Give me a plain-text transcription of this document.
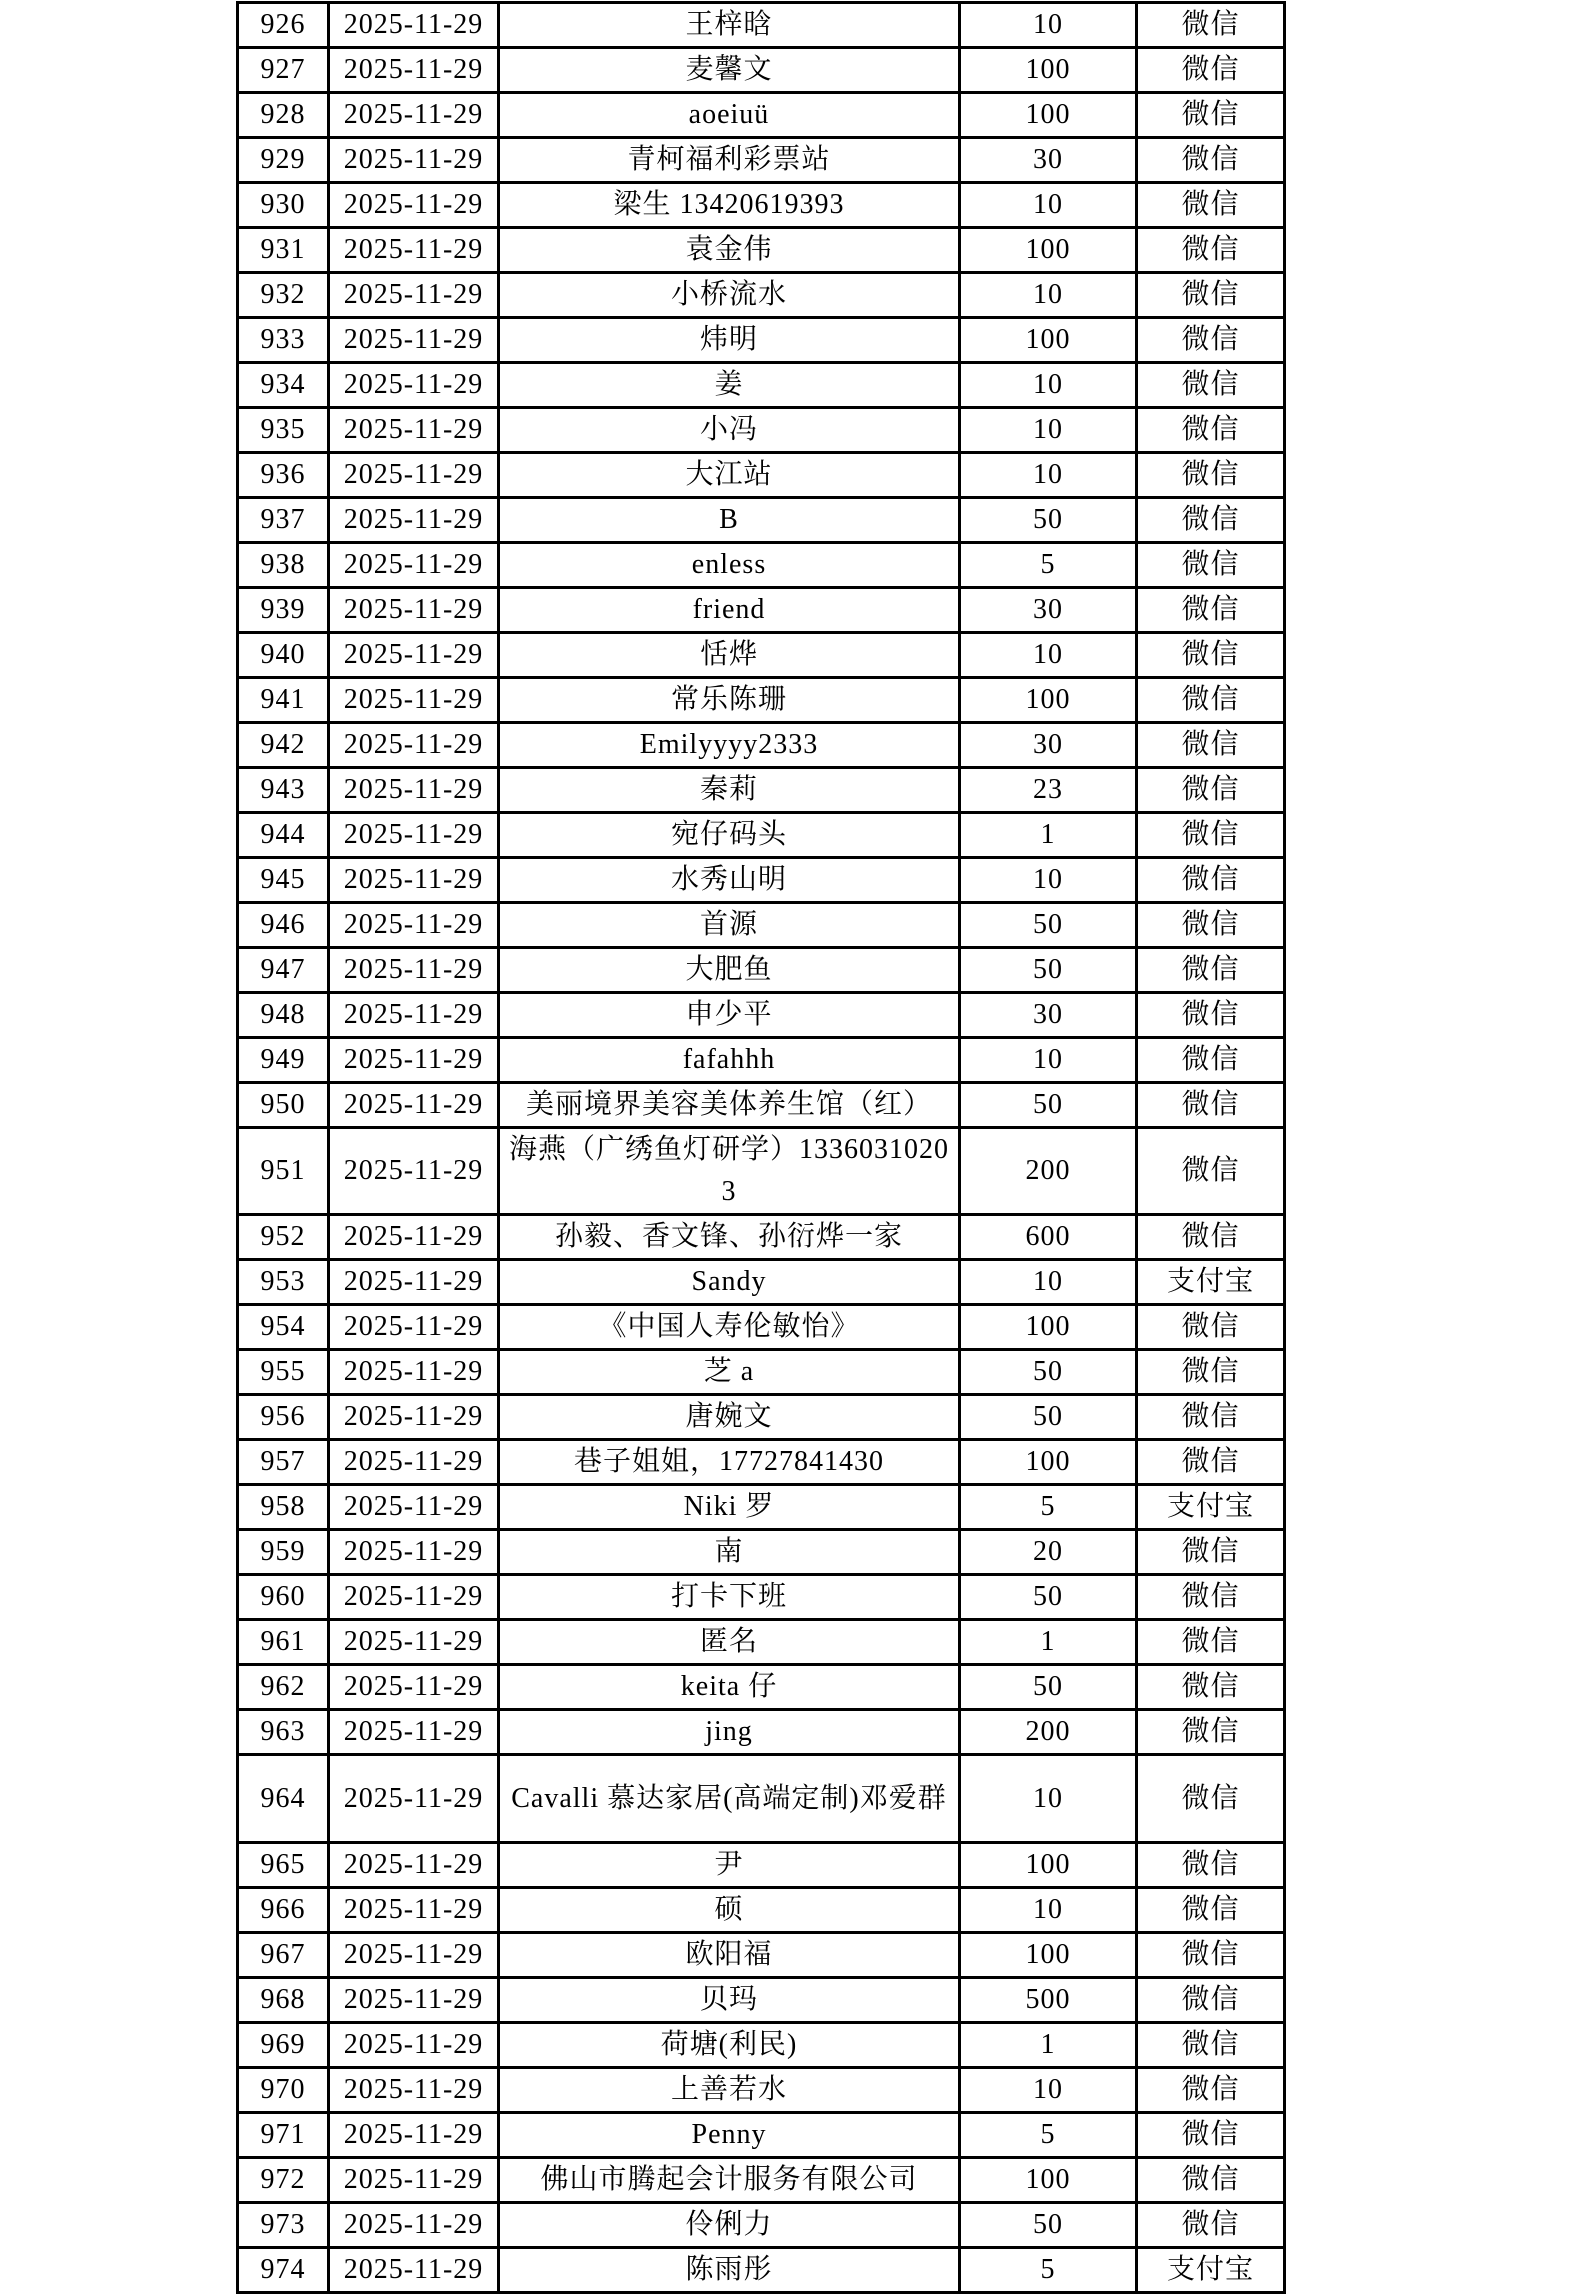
926	2025-11-29	王梓晗	10	微信
927	2025-11-29	麦馨文	100	微信
928	2025-11-29	aoeiuü	100	微信
929	2025-11-29	青柯福利彩票站	30	微信
930	2025-11-29	梁生 13420619393	10	微信
931	2025-11-29	袁金伟	100	微信
932	2025-11-29	小桥流水	10	微信
933	2025-11-29	炜明	100	微信
934	2025-11-29	姜	10	微信
935	2025-11-29	小冯	10	微信
936	2025-11-29	大江站	10	微信
937	2025-11-29	B	50	微信
938	2025-11-29	enless	5	微信
939	2025-11-29	friend	30	微信
940	2025-11-29	恬烨	10	微信
941	2025-11-29	常乐陈珊	100	微信
942	2025-11-29	Emilyyyy2333	30	微信
943	2025-11-29	秦莉	23	微信
944	2025-11-29	宛仔码头	1	微信
945	2025-11-29	水秀山明	10	微信
946	2025-11-29	首源	50	微信
947	2025-11-29	大肥鱼	50	微信
948	2025-11-29	申少平	30	微信
949	2025-11-29	fafahhh	10	微信
950	2025-11-29	美丽境界美容美体养生馆（红）	50	微信
951	2025-11-29	海燕（广绣鱼灯研学）13360310203	200	微信
952	2025-11-29	孙毅、香文锋、孙衍烨一家	600	微信
953	2025-11-29	Sandy	10	支付宝
954	2025-11-29	《中国人寿伦敏怡》	100	微信
955	2025-11-29	芝 a	50	微信
956	2025-11-29	唐婉文	50	微信
957	2025-11-29	巷子姐姐，17727841430	100	微信
958	2025-11-29	Niki 罗	5	支付宝
959	2025-11-29	南	20	微信
960	2025-11-29	打卡下班	50	微信
961	2025-11-29	匿名	1	微信
962	2025-11-29	keita 仔	50	微信
963	2025-11-29	jing	200	微信
964	2025-11-29	Cavalli 慕达家居(高端定制)邓爱群	10	微信
965	2025-11-29	尹	100	微信
966	2025-11-29	硕	10	微信
967	2025-11-29	欧阳福	100	微信
968	2025-11-29	贝玛	500	微信
969	2025-11-29	荷塘(利民)	1	微信
970	2025-11-29	上善若水	10	微信
971	2025-11-29	Penny	5	微信
972	2025-11-29	佛山市腾起会计服务有限公司	100	微信
973	2025-11-29	伶俐力	50	微信
974	2025-11-29	陈雨彤	5	支付宝
